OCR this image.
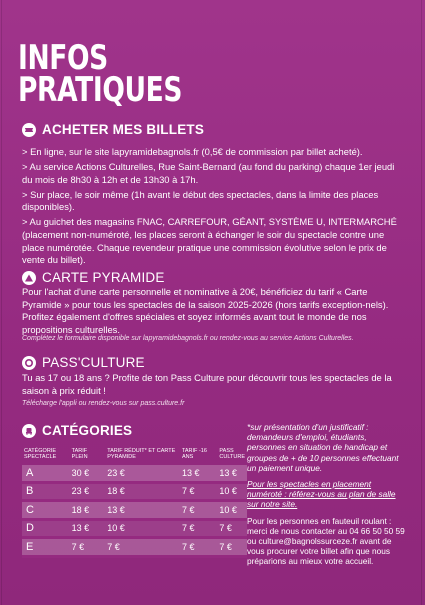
INFOS
PRATIQUES
ACHETER MES BILLETS

> En ligne, sur le site lapyramidebagnols.fr (0,5€ de commission par billet acheté).

> Au service Actions Culturelles, Rue Saint-Bernard (au fond du parking) chaque 1er jeudi du mois de 8h30 à 12h et de 13h30 à 17h.

> Sur place, le soir même (1h avant le début des spectacles, dans la limite des places disponibles).

> Au guichet des magasins FNAC, CARREFOUR, GÉANT, SYSTÈME U, INTERMARCHÉ (placement non-numéroté, les places seront à échanger le soir du spectacle contre une place numérotée. Chaque revendeur pratique une commission évolutive selon le prix de vente du billet).

CARTE PYRAMIDE
Pour l'achat d'une carte personnelle et nominative à 20€, bénéficiez du tarif « Carte Pyramide » pour tous les spectacles de la saison 2025-2026 (hors tarifs exception-nels). Profitez également d'offres spéciales et soyez informés avant tout le monde de nos propositions culturelles.
Complétez le formulaire disponible sur lapyramidebagnols.fr ou rendez-vous au service Actions Culturelles.
PASS'CULTURE
Tu as 17 ou 18 ans ? Profite de ton Pass Culture pour découvrir tous les spectacles de la saison à prix réduit !
Télécharge l'appli ou rendez-vous sur pass.culture.fr
CATÉGORIES
CATÉGORIE SPECTACLE	TARIF PLEIN	TARIF RÉDUIT* ET CARTE PYRAMIDE	TARIF -16 ANS	PASS CULTURE
A	30 €	23 €	13 €	13 €
B	23 €	18 €	7 €	10 €
C	18 €	13 €	7 €	10 €
D	13 €	10 €	7 €	7 €
E	7 €	7 €	7 €	7 €

*sur présentation d'un justificatif : demandeurs d'emploi, étudiants, personnes en situation de handicap et groupes de + de 10 personnes effectuant un paiement unique.

Pour les spectacles en placement numéroté : référez-vous au plan de salle sur notre site.

Pour les personnes en fauteuil roulant : merci de nous contacter au 04 66 50 50 59 ou culture@bagnolssurceze.fr avant de vous procurer votre billet afin que nous préparions au mieux votre accueil.
